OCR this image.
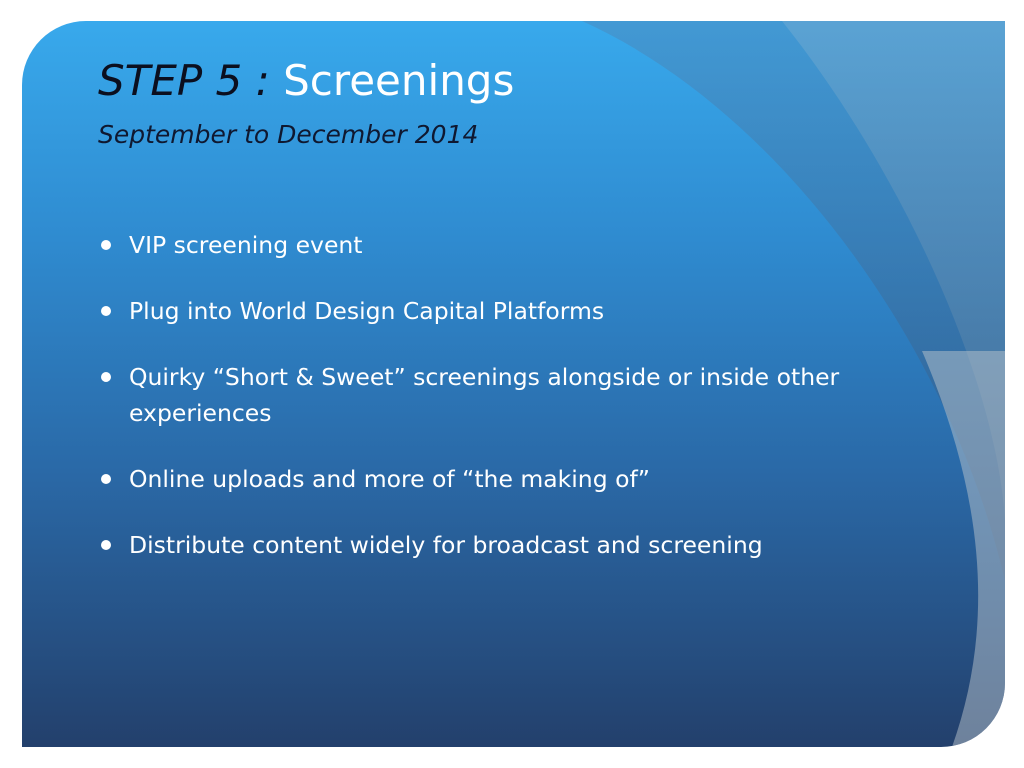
STEP 5 : Screenings

September to December 2014

VIP screening event
Plug into World Design Capital Platforms
Quirky “Short & Sweet” screenings alongside or inside other experiences
Online uploads and more of “the making of”
Distribute content widely for broadcast and screening
